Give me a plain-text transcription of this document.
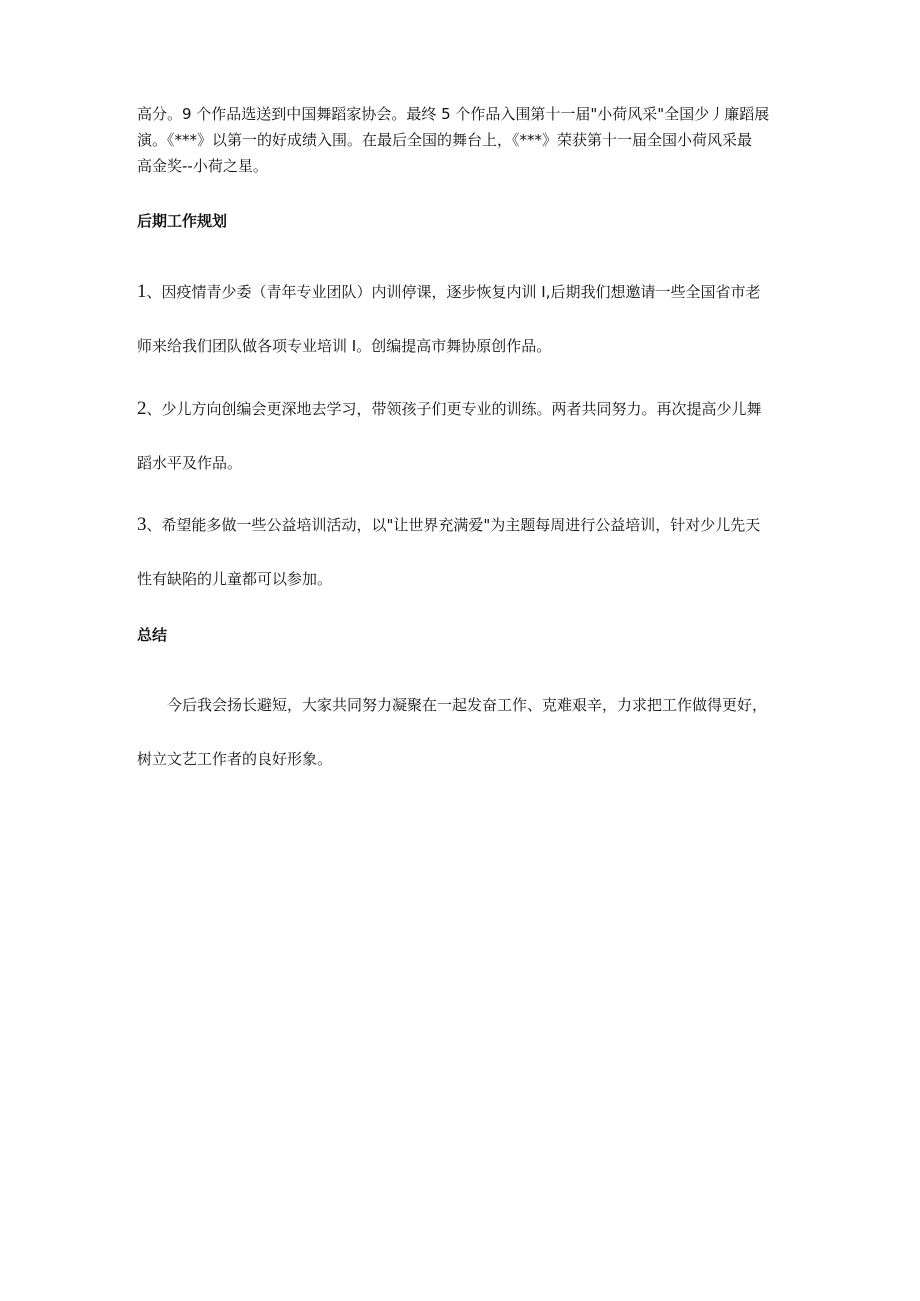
高分。9 个作品选送到中国舞蹈家协会。最终 5 个作品入围第十一届"小荷风采"全国少丿廉蹈展
演。《***》以第一的好成绩入围。在最后全国的舞台上，《***》荣获第十一届全国小荷风采最
高金奖--小荷之星。

后期工作规划

1、因疫情青少委（青年专业团队）内训停课，逐步恢复内训 I,后期我们想邀请一些全国省市老
师来给我们团队做各项专业培训 I。创编提高市舞协原创作品。

2、少儿方向创编会更深地去学习，带领孩子们更专业的训练。两者共同努力。再次提高少儿舞
蹈水平及作品。

3、希望能多做一些公益培训活动，以"让世界充满爱"为主题每周进行公益培训，针对少儿先天
性有缺陷的儿童都可以参加。

总结

今后我会扬长避短，大家共同努力凝聚在一起发奋工作、克难艰辛，力求把工作做得更好，
树立文艺工作者的良好形象。
